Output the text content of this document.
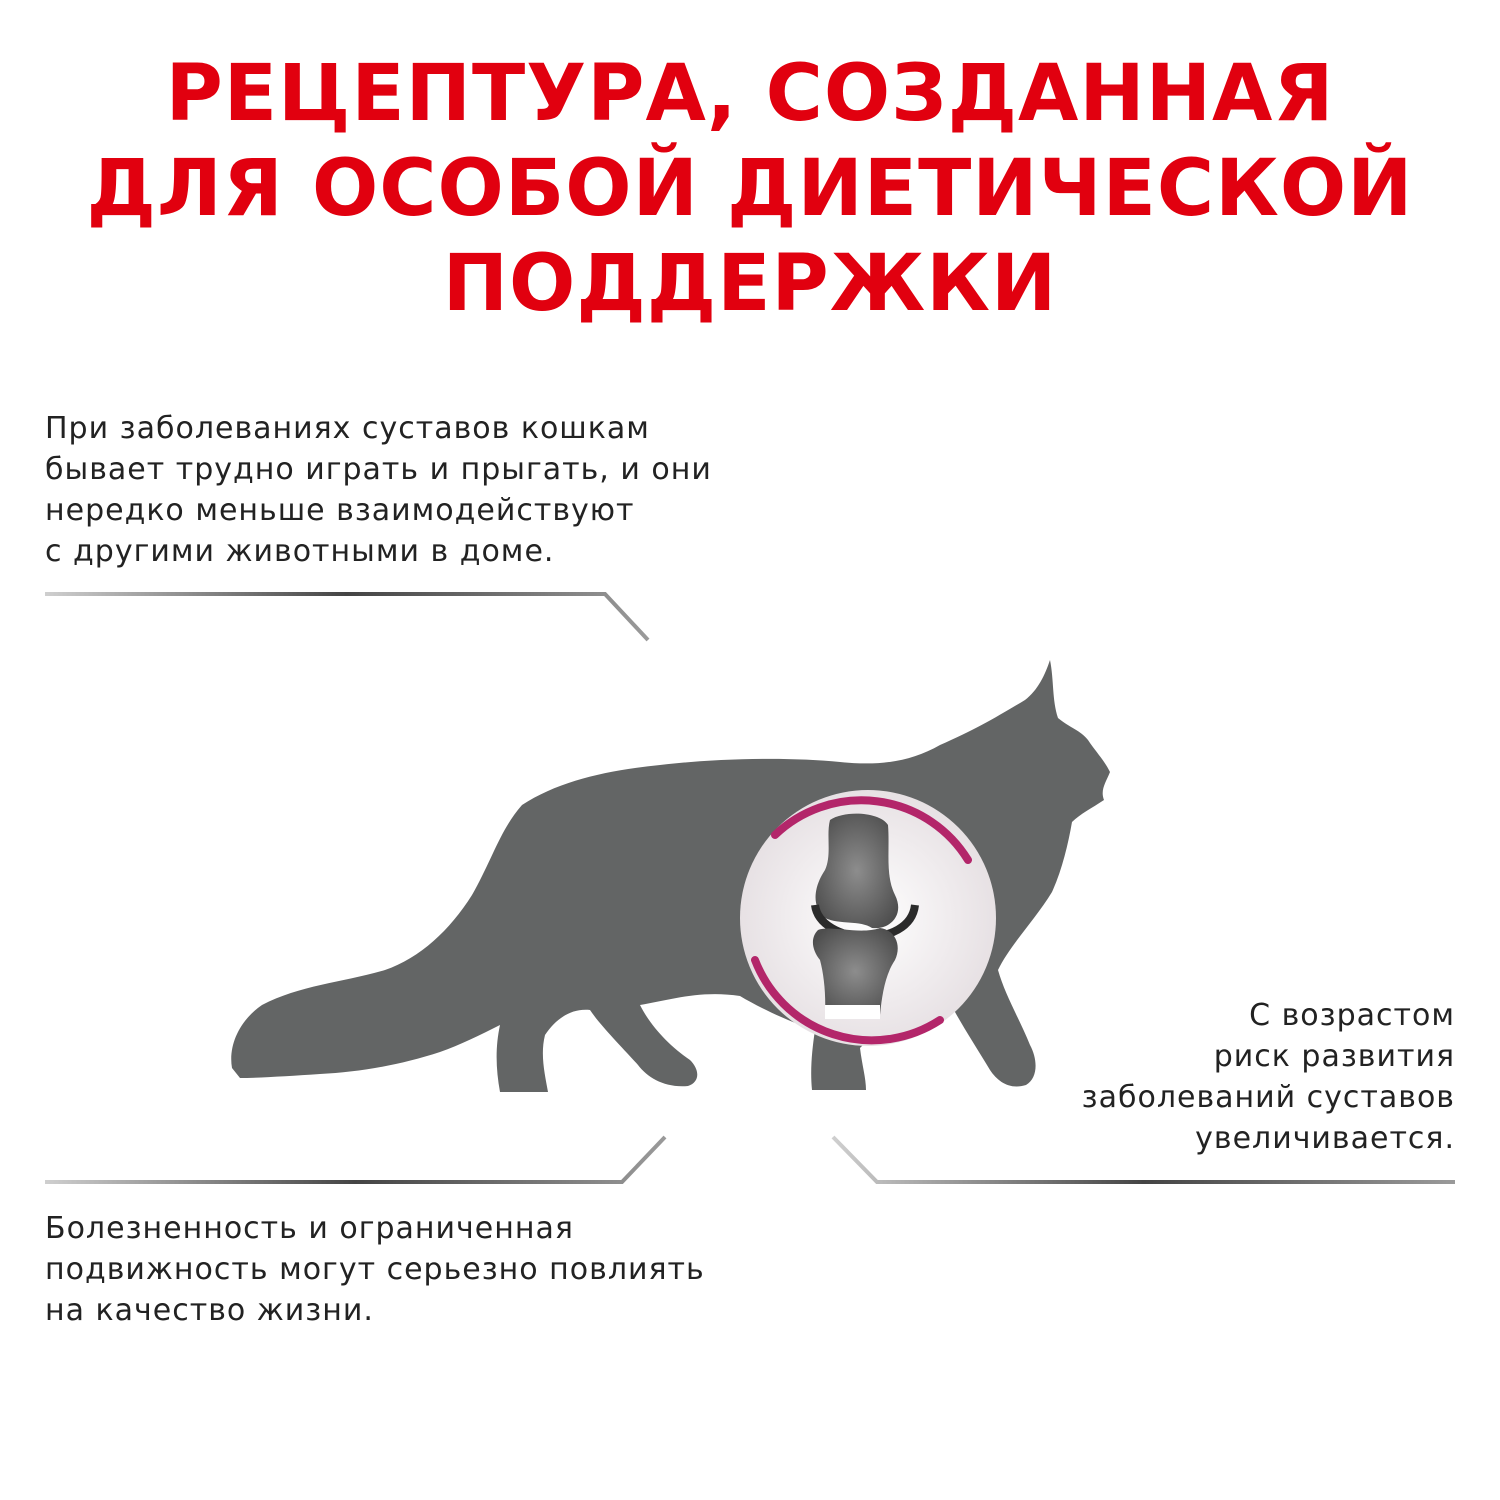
РЕЦЕПТУРА, СОЗДАННАЯ
ДЛЯ ОСОБОЙ ДИЕТИЧЕСКОЙ
ПОДДЕРЖКИ
При заболеваниях суставов кошкам
бывает трудно играть и прыгать, и они
нередко меньше взаимодействуют
с другими животными в доме.
С возрастом
риск развития
заболеваний суставов
увеличивается.
Болезненность и ограниченная
подвижность могут серьезно повлиять
на качество жизни.
